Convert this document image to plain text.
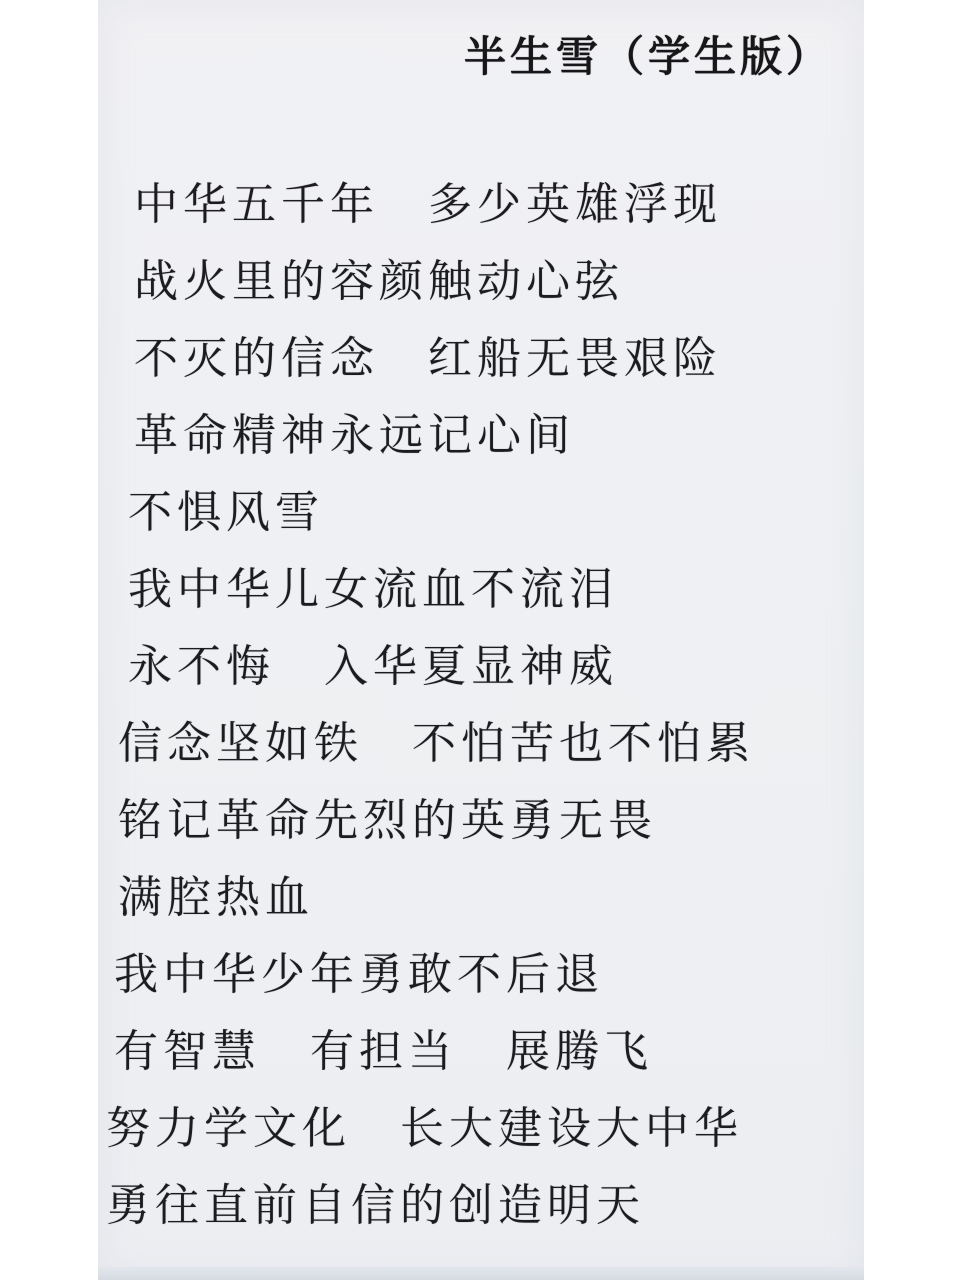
半生雪（学生版）
中华五千年　多少英雄浮现
战火里的容颜触动心弦
不灭的信念　红船无畏艰险
革命精神永远记心间
不惧风雪
我中华儿女流血不流泪
永不悔　入华夏显神威
信念坚如铁　不怕苦也不怕累
铭记革命先烈的英勇无畏
满腔热血
我中华少年勇敢不后退
有智慧　有担当　展腾飞
努力学文化　长大建设大中华
勇往直前自信的创造明天
